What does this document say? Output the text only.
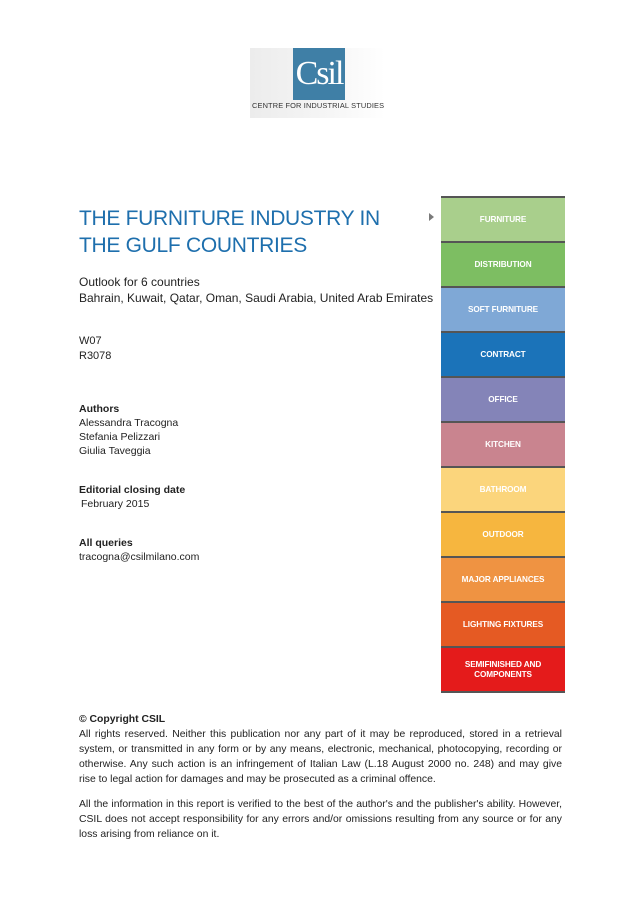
Csil
CENTRE FOR INDUSTRIAL STUDIES
THE FURNITURE INDUSTRY IN THE GULF COUNTRIES
Outlook for 6 countries
Bahrain, Kuwait, Qatar, Oman, Saudi Arabia, United Arab Emirates
W07
R3078
Authors
Alessandra Tracogna
Stefania Pelizzari
Giulia Taveggia
Editorial closing date
February 2015
All queries
tracogna@csilmilano.com
FURNITURE
DISTRIBUTION
SOFT FURNITURE
CONTRACT
OFFICE
KITCHEN
BATHROOM
OUTDOOR
MAJOR APPLIANCES
LIGHTING FIXTURES
SEMIFINISHED AND COMPONENTS
© Copyright CSIL

All rights reserved. Neither this publication nor any part of it may be reproduced, stored in a retrieval system, or transmitted in any form or by any means, electronic, mechanical, photocopying, recording or otherwise. Any such action is an infringement of Italian Law (L.18 August 2000 no. 248) and may give rise to legal action for damages and may be prosecuted as a criminal offence.

All the information in this report is verified to the best of the author's and the publisher's ability. However, CSIL does not accept responsibility for any errors and/or omissions resulting from any source or for any loss arising from reliance on it.
